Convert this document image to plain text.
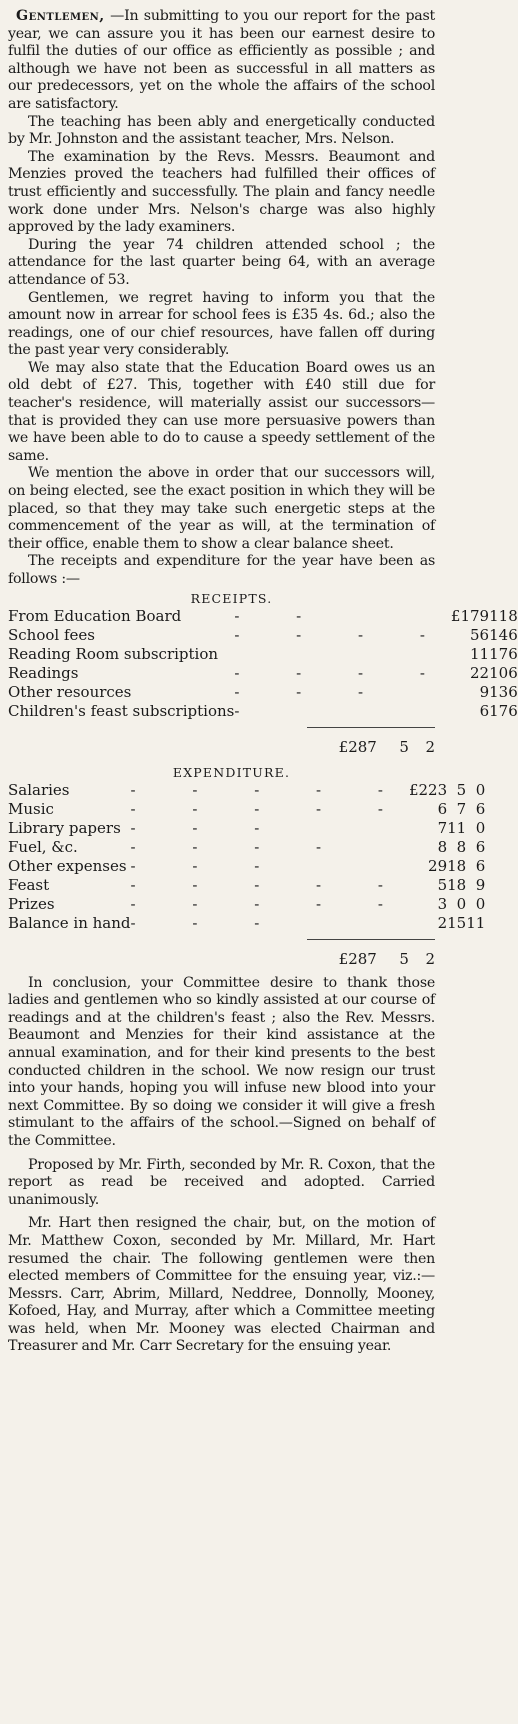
Gentlemen, —In submitting to you our report for the past year, we can assure you it has been our earnest desire to fulfil the duties of our office as efficiently as possible ; and although we have not been as successful in all matters as our predecessors, yet on the whole the affairs of the school are satisfactory.

The teaching has been ably and energetically conducted by Mr. Johnston and the assistant teacher, Mrs. Nelson.

The examination by the Revs. Messrs. Beaumont and Menzies proved the teachers had fulfilled their offices of trust efficiently and successfully. The plain and fancy needle work done under Mrs. Nelson's charge was also highly approved by the lady examiners.

During the year 74 children attended school ; the attendance for the last quarter being 64, with an average attendance of 53.

Gentlemen, we regret having to inform you that the amount now in arrear for school fees is £35 4s. 6d.; also the readings, one of our chief resources, have fallen off during the past year very considerably.

We may also state that the Education Board owes us an old debt of £27. This, together with £40 still due for teacher's residence, will materially assist our successors—that is provided they can use more persuasive powers than we have been able to do to cause a speedy settlement of the same.

We mention the above in order that our successors will, on being elected, see the exact position in which they will be placed, so that they may take such energetic steps at the commencement of the year as will, at the termination of their office, enable them to show a clear balance sheet.

The receipts and expenditure for the year have been as follows :—

RECEIPTS.
From Education Board	- -	£179	11	8
School fees	- - - -	56	14	6
Reading Room subscription		11	17	6
Readings	- - - -	22	10	6
Other resources	- - -	9	13	6
Children's feast subscriptions	-	6	17	6
		£287	5	2
EXPENDITURE.
Salaries	- - - - -	£223	5	0
Music	- - - - -	6	7	6
Library papers	- - -	7	11	0
Fuel, &c.	- - - -	8	8	6
Other expenses	- - -	29	18	6
Feast	- - - - -	5	18	9
Prizes	- - - - -	3	0	0
Balance in hand	- - -	2	15	11
		£287	5	2

In conclusion, your Committee desire to thank those ladies and gentlemen who so kindly assisted at our course of readings and at the children's feast ; also the Rev. Messrs. Beaumont and Menzies for their kind assistance at the annual examination, and for their kind presents to the best conducted children in the school. We now resign our trust into your hands, hoping you will infuse new blood into your next Committee. By so doing we consider it will give a fresh stimulant to the affairs of the school.—Signed on behalf of the Committee.

Proposed by Mr. Firth, seconded by Mr. R. Coxon, that the report as read be received and adopted. Carried unanimously.

Mr. Hart then resigned the chair, but, on the motion of Mr. Matthew Coxon, seconded by Mr. Millard, Mr. Hart resumed the chair. The following gentlemen were then elected members of Committee for the ensuing year, viz.:—Messrs. Carr, Abrim, Millard, Neddree, Donnolly, Mooney, Kofoed, Hay, and Murray, after which a Committee meeting was held, when Mr. Mooney was elected Chairman and Treasurer and Mr. Carr Secretary for the ensuing year.
